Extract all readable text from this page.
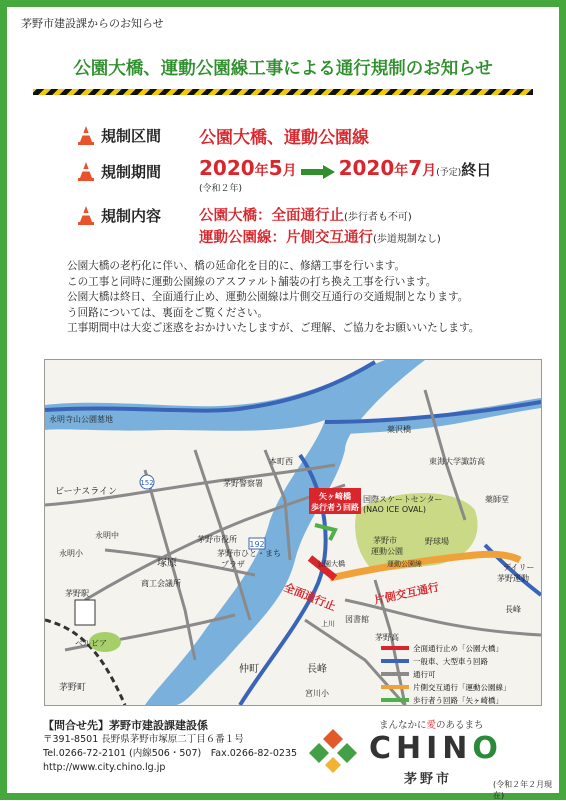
茅野市建設課からのお知らせ
公園大橋、運動公園線工事による通行規制のお知らせ
規制区間 公園大橋、運動公園線
規制期間 2020年5月 2020年7月(予定)終日
(令和２年)
規制内容	公園大橋：全面通行止(歩行者も不可)
運動公園線：片側交互通行(歩道規制なし)

公園大橋の老朽化に伴い、橋の延命化を目的に、修繕工事を行います。

この工事と同時に運動公園線のアスファルト舗装の打ち換え工事を行います。

公園大橋は終日、全面通行止め、運動公園線は片側交互通行の交通規制となります。

う回路については、裏面をご覧ください。

工事期間中は大変ご迷惑をおかけいたしますが、ご理解、ご協力をお願いいたします。

152
192
永明寺山公園墓地
本町西
茅野警察署
ビーナスライン
永明中
永明小
茅野市役所
茅野市ひと・まち
プラザ
塚原
商工会議所
茅野駅
ベルビア
茅野町
仲町	長峰
宮川小
図書館
茅野高
上川
薬沢橋
東海大学諏訪高
国際スケートセンター
(NAO ICE OVAL)
茅野市
運動公園
野球場
運動公園線
薬師堂
デイリー
茅野運動
長峰
公園大橋
矢ヶ崎橋
歩行者う回路
全面通行止	片側交互通行
全面通行止め「公園大橋」
一般車、大型車う回路
通行可
片側交互通行「運動公園線」
歩行者う回路「矢ヶ崎橋」
【問合せ先】茅野市建設課建設係
〒391-8501 長野県茅野市塚原二丁目６番１号
Tel.0266-72-2101 (内線506・507)　Fax.0266-82-0235
http://www.city.chino.lg.jp
まんなかに愛のあるまち
CHINO
茅野市	(令和２年２月現在)
